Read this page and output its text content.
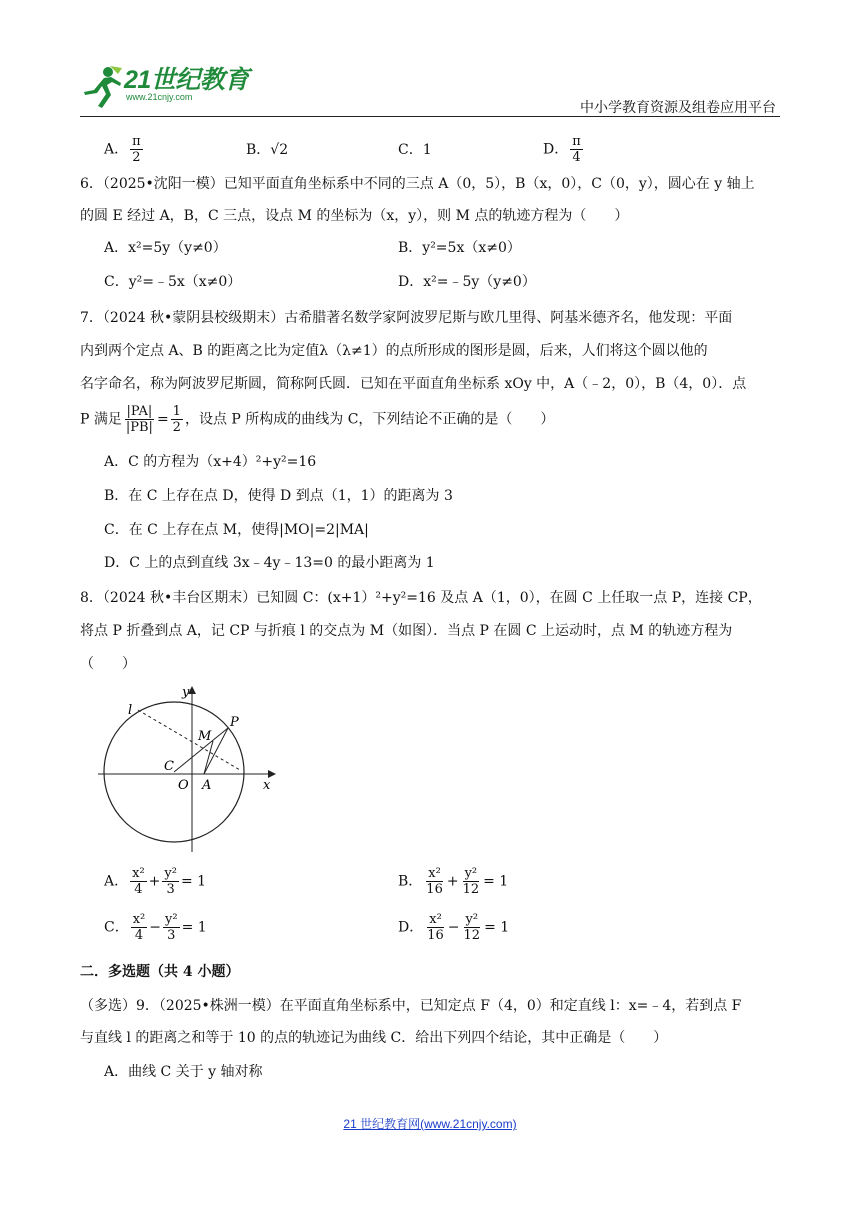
21世纪教育
www.21cnjy.com
中小学教育资源及组卷应用平台
A． $\frac{\pi}{2}$	B．√2	C．1	D． $\frac{\pi}{4}$
6．（2025•沈阳一模）已知平面直角坐标系中不同的三点 A（0，5），B（x，0），C（0，y），圆心在 y 轴上
的圆 E 经过 A，B，C 三点，设点 M 的坐标为（x，y），则 M 点的轨迹方程为（　　）
A．x²=5y（y≠0）	B．y²=5x（x≠0）
C．y²=﹣5x（x≠0）	D．x²=﹣5y（y≠0）
7．（2024 秋•蒙阴县校级期末）古希腊著名数学家阿波罗尼斯与欧几里得、阿基米德齐名，他发现：平面
内到两个定点 A、B 的距离之比为定值λ（λ≠1）的点所形成的图形是圆，后来，人们将这个圆以他的
名字命名，称为阿波罗尼斯圆，简称阿氏圆．已知在平面直角坐标系 xOy 中，A（﹣2，0），B（4，0）．点
P 满足 $\frac{|PA|}{|PB|} = \frac{1}{2}$ ，设点 P 所构成的曲线为 C，下列结论不正确的是（　　）
A．C 的方程为（x+4）²+y²=16
B．在 C 上存在点 D，使得 D 到点（1，1）的距离为 3
C．在 C 上存在点 M，使得|MO|=2|MA|
D．C 上的点到直线 3x﹣4y﹣13=0 的最小距离为 1
8．（2024 秋•丰台区期末）已知圆 C：(x+1）²+y²=16 及点 A（1，0），在圆 C 上任取一点 P，连接 CP，
将点 P 折叠到点 A，记 CP 与折痕 l 的交点为 M（如图）．当点 P 在圆 C 上运动时，点 M 的轨迹方程为
（　　）
y
x
l
P
M
C
O A
A． $\frac{\text{x²}}{4} + \frac{\text{y²}}{3} = 1$	B． $\frac{\text{x²}}{16} + \frac{\text{y²}}{12} = 1$
C． $\frac{\text{x²}}{4} - \frac{\text{y²}}{3} = 1$	D． $\frac{\text{x²}}{16} - \frac{\text{y²}}{12} = 1$
二．多选题（共 4 小题）
（多选）9．（2025•株洲一模）在平面直角坐标系中，已知定点 F（4，0）和定直线 l：x=﹣4，若到点 F
与直线 l 的距离之和等于 10 的点的轨迹记为曲线 C．给出下列四个结论，其中正确是（　　）
A．曲线 C 关于 y 轴对称
21 世纪教育网(www.21cnjy.com)
